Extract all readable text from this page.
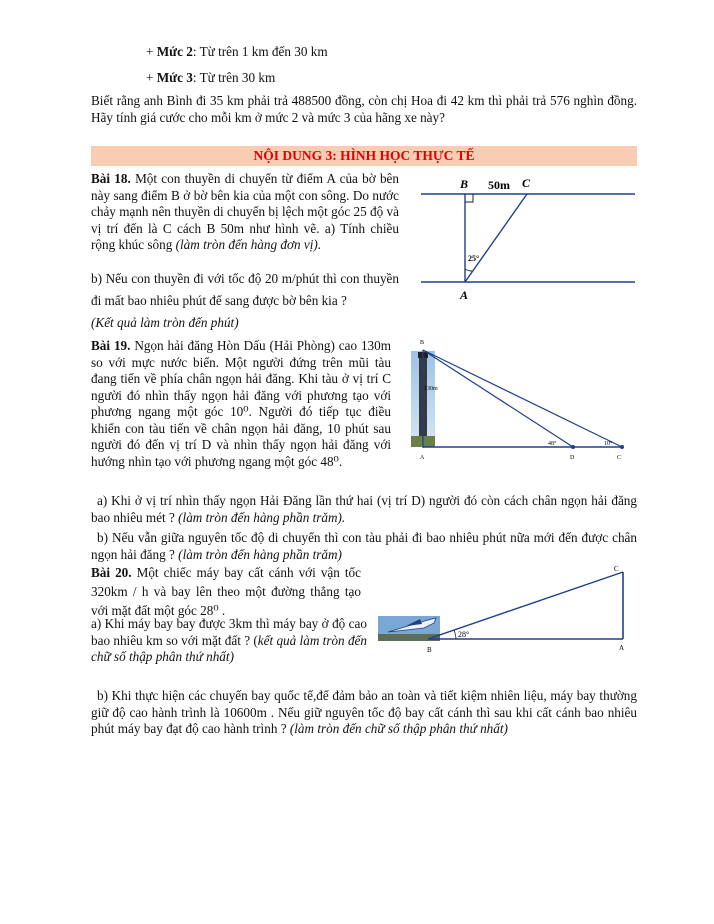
+ Mức 2: Từ trên 1 km đến 30 km
+ Mức 3: Từ trên 30 km
Biết rằng anh Bình đi 35 km phải trả 488500 đồng, còn chị Hoa đi 42 km thì phải trả 576 nghìn đồng. Hãy tính giá cước cho mỗi km ở mức 2 và mức 3 của hãng xe này?
NỘI DUNG 3: HÌNH HỌC THỰC TẾ
Bài 18. Một con thuyền di chuyển từ điểm A của bờ bên này sang điểm B ở bờ bên kia của một con sông. Do nước chảy mạnh nên thuyền di chuyển bị lệch một góc 25 độ và vị trí đến là C cách B 50m như hình vẽ. a) Tính chiều rộng khúc sông (làm tròn đến hàng đơn vị).
b) Nếu con thuyền đi với tốc độ 20 m/phút thì con thuyền đi mất bao nhiêu phút để sang được bờ bên kia ?
(Kết quả làm tròn đến phút)
B 50m C
25°
A
Bài 19. Ngọn hải đăng Hòn Dấu (Hải Phòng) cao 130m so với mực nước biển. Một người đứng trên mũi tàu đang tiến về phía chân ngọn hải đăng. Khi tàu ở vị trí C người đó nhìn thấy ngọn hải đăng với phương tạo với phương ngang một góc 10⁰. Người đó tiếp tục điều khiển con tàu tiến về chân ngọn hải đăng, 10 phút sau người đó đến vị trí D và nhìn thấy ngọn hải đăng với hướng nhìn tạo với phương ngang một góc 48⁰.
B
130m
48°	10°
A	D	C
a) Khi ở vị trí nhìn thấy ngọn Hải Đăng lần thứ hai (vị trí D) người đó còn cách chân ngọn hải đăng bao nhiêu mét ? (làm tròn đến hàng phần trăm).
b) Nếu vẫn giữa nguyên tốc độ di chuyển thì con tàu phải đi bao nhiêu phút nữa mới đến được chân ngọn hải đăng ? (làm tròn đến hàng phần trăm)
Bài 20. Một chiếc máy bay cất cánh với vận tốc 320km / h và bay lên theo một đường thẳng tạo với mặt đất một góc 28⁰ .
a) Khi máy bay bay được 3km thì máy bay ở độ cao bao nhiêu km so với mặt đất ? (kết quả làm tròn đến chữ số thập phân thứ nhất)
28°
C
B	A
b) Khi thực hiện các chuyến bay quốc tế,để đảm bảo an toàn và tiết kiệm nhiên liệu, máy bay thường giữ độ cao hành trình là 10600m . Nếu giữ nguyên tốc độ bay cất cánh thì sau khi cất cánh bao nhiêu phút máy bay đạt độ cao hành trình ? (làm tròn đến chữ số thập phân thứ nhất)
